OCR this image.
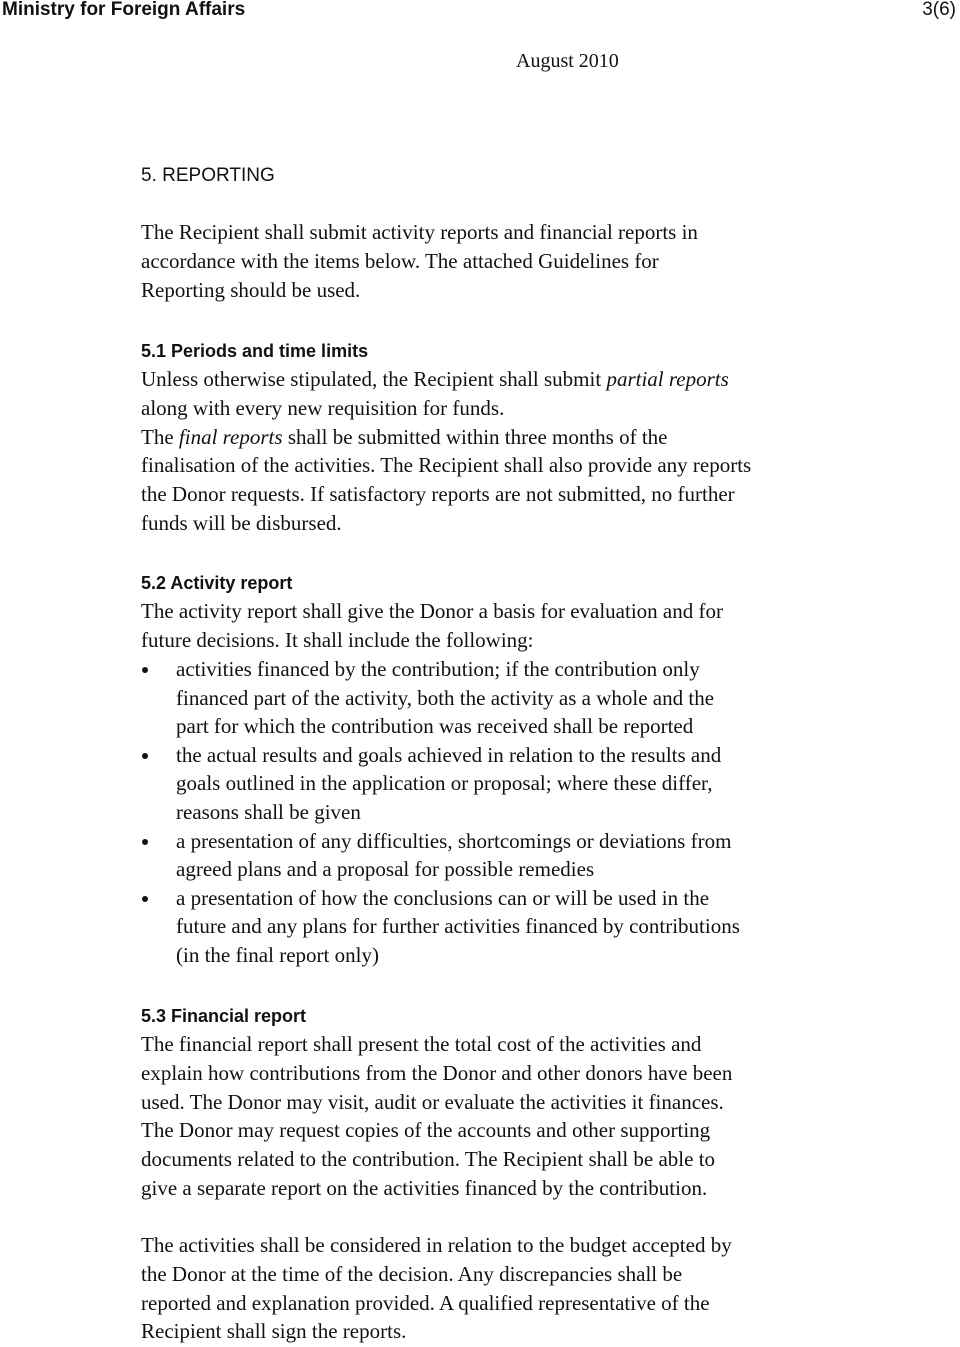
Ministry for Foreign Affairs	3(6)
August 2010
5. REPORTING
The Recipient shall submit activity reports and financial reports in
accordance with the items below. The attached Guidelines for
Reporting should be used.
5.1 Periods and time limits
Unless otherwise stipulated, the Recipient shall submit partial reports
along with every new requisition for funds.
The final reports shall be submitted within three months of the
finalisation of the activities. The Recipient shall also provide any reports
the Donor requests. If satisfactory reports are not submitted, no further
funds will be disbursed.
5.2 Activity report
The activity report shall give the Donor a basis for evaluation and for
future decisions. It shall include the following:
activities financed by the contribution; if the contribution only
financed part of the activity, both the activity as a whole and the
part for which the contribution was received shall be reported
the actual results and goals achieved in relation to the results and
goals outlined in the application or proposal; where these differ,
reasons shall be given
a presentation of any difficulties, shortcomings or deviations from
agreed plans and a proposal for possible remedies
a presentation of how the conclusions can or will be used in the
future and any plans for further activities financed by contributions
(in the final report only)
5.3 Financial report
The financial report shall present the total cost of the activities and
explain how contributions from the Donor and other donors have been
used. The Donor may visit, audit or evaluate the activities it finances.
The Donor may request copies of the accounts and other supporting
documents related to the contribution. The Recipient shall be able to
give a separate report on the activities financed by the contribution.
The activities shall be considered in relation to the budget accepted by
the Donor at the time of the decision. Any discrepancies shall be
reported and explanation provided. A qualified representative of the
Recipient shall sign the reports.
